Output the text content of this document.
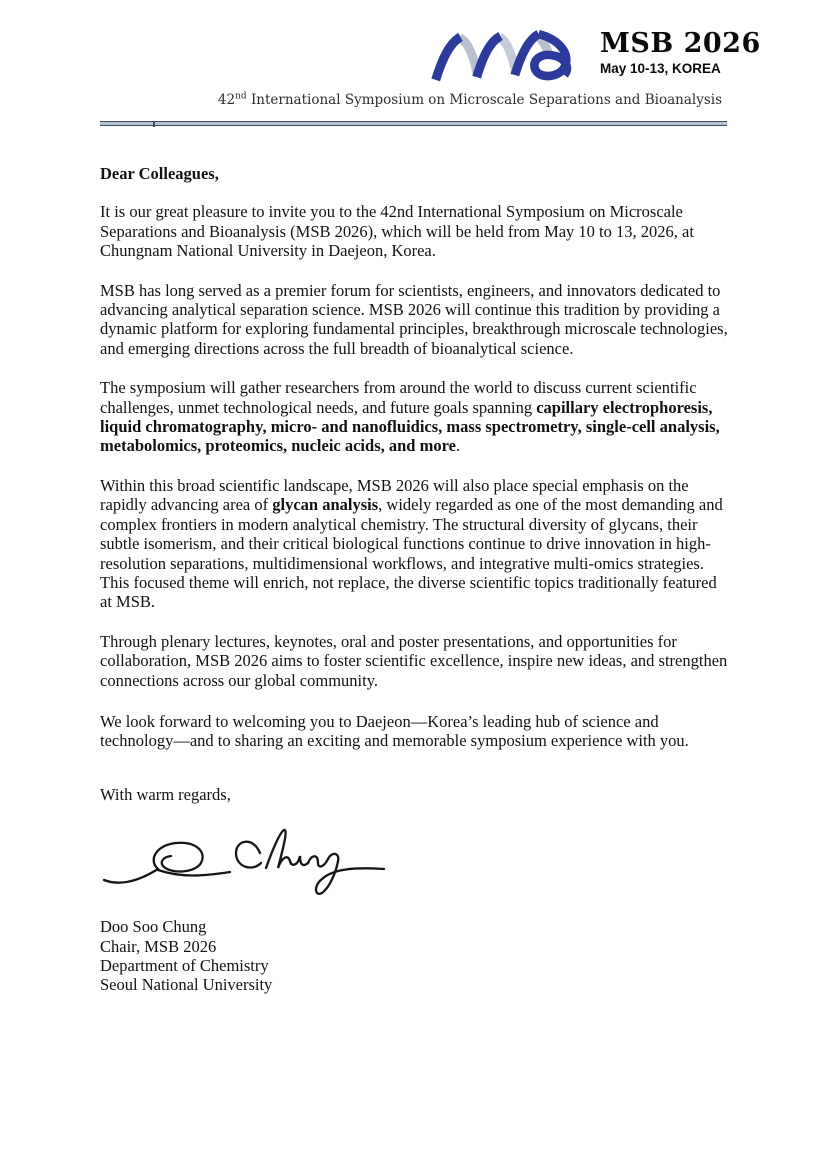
MSB 2026
May 10-13, KOREA
42nd International Symposium on Microscale Separations and Bioanalysis

Dear Colleagues,

It is our great pleasure to invite you to the 42nd International Symposium on Microscale Separations and Bioanalysis (MSB 2026), which will be held from May 10 to 13, 2026, at Chungnam National University in Daejeon, Korea.

MSB has long served as a premier forum for scientists, engineers, and innovators dedicated to advancing analytical separation science. MSB 2026 will continue this tradition by providing a dynamic platform for exploring fundamental principles, breakthrough microscale technologies, and emerging directions across the full breadth of bioanalytical science.

The symposium will gather researchers from around the world to discuss current scientific challenges, unmet technological needs, and future goals spanning capillary electrophoresis, liquid chromatography, micro- and nanofluidics, mass spectrometry, single-cell analysis, metabolomics, proteomics, nucleic acids, and more.

Within this broad scientific landscape, MSB 2026 will also place special emphasis on the rapidly advancing area of glycan analysis, widely regarded as one of the most demanding and complex frontiers in modern analytical chemistry. The structural diversity of glycans, their subtle isomerism, and their critical biological functions continue to drive innovation in high-resolution separations, multidimensional workflows, and integrative multi-omics strategies. This focused theme will enrich, not replace, the diverse scientific topics traditionally featured at MSB.

Through plenary lectures, keynotes, oral and poster presentations, and opportunities for collaboration, MSB 2026 aims to foster scientific excellence, inspire new ideas, and strengthen connections across our global community.

We look forward to welcoming you to Daejeon—Korea’s leading hub of science and technology—and to sharing an exciting and memorable symposium experience with you.

With warm regards,

Doo Soo Chung
Chair, MSB 2026
Department of Chemistry
Seoul National University
